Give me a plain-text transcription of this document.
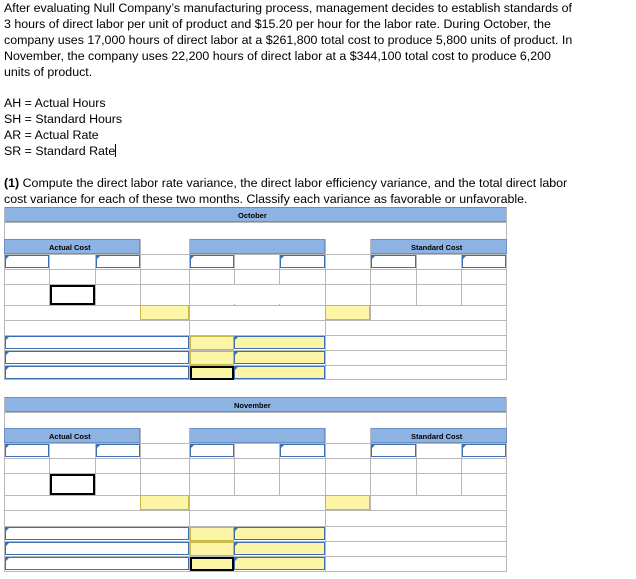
After evaluating Null Company’s manufacturing process, management decides to establish standards of
3 hours of direct labor per unit of product and $15.20 per hour for the labor rate. During October, the
company uses 17,000 hours of direct labor at a $261,800 total cost to produce 5,800 units of product. In
November, the company uses 22,200 hours of direct labor at a $344,100 total cost to produce 6,200
units of product.
AH = Actual Hours
SH = Standard Hours
AR = Actual Rate
SR = Standard Rate
(1) Compute the direct labor rate variance, the direct labor efficiency variance, and the total direct labor
cost variance for each of these two months. Classify each variance as favorable or unfavorable.
October
Actual Cost	Standard Cost
November
Actual Cost	Standard Cost
